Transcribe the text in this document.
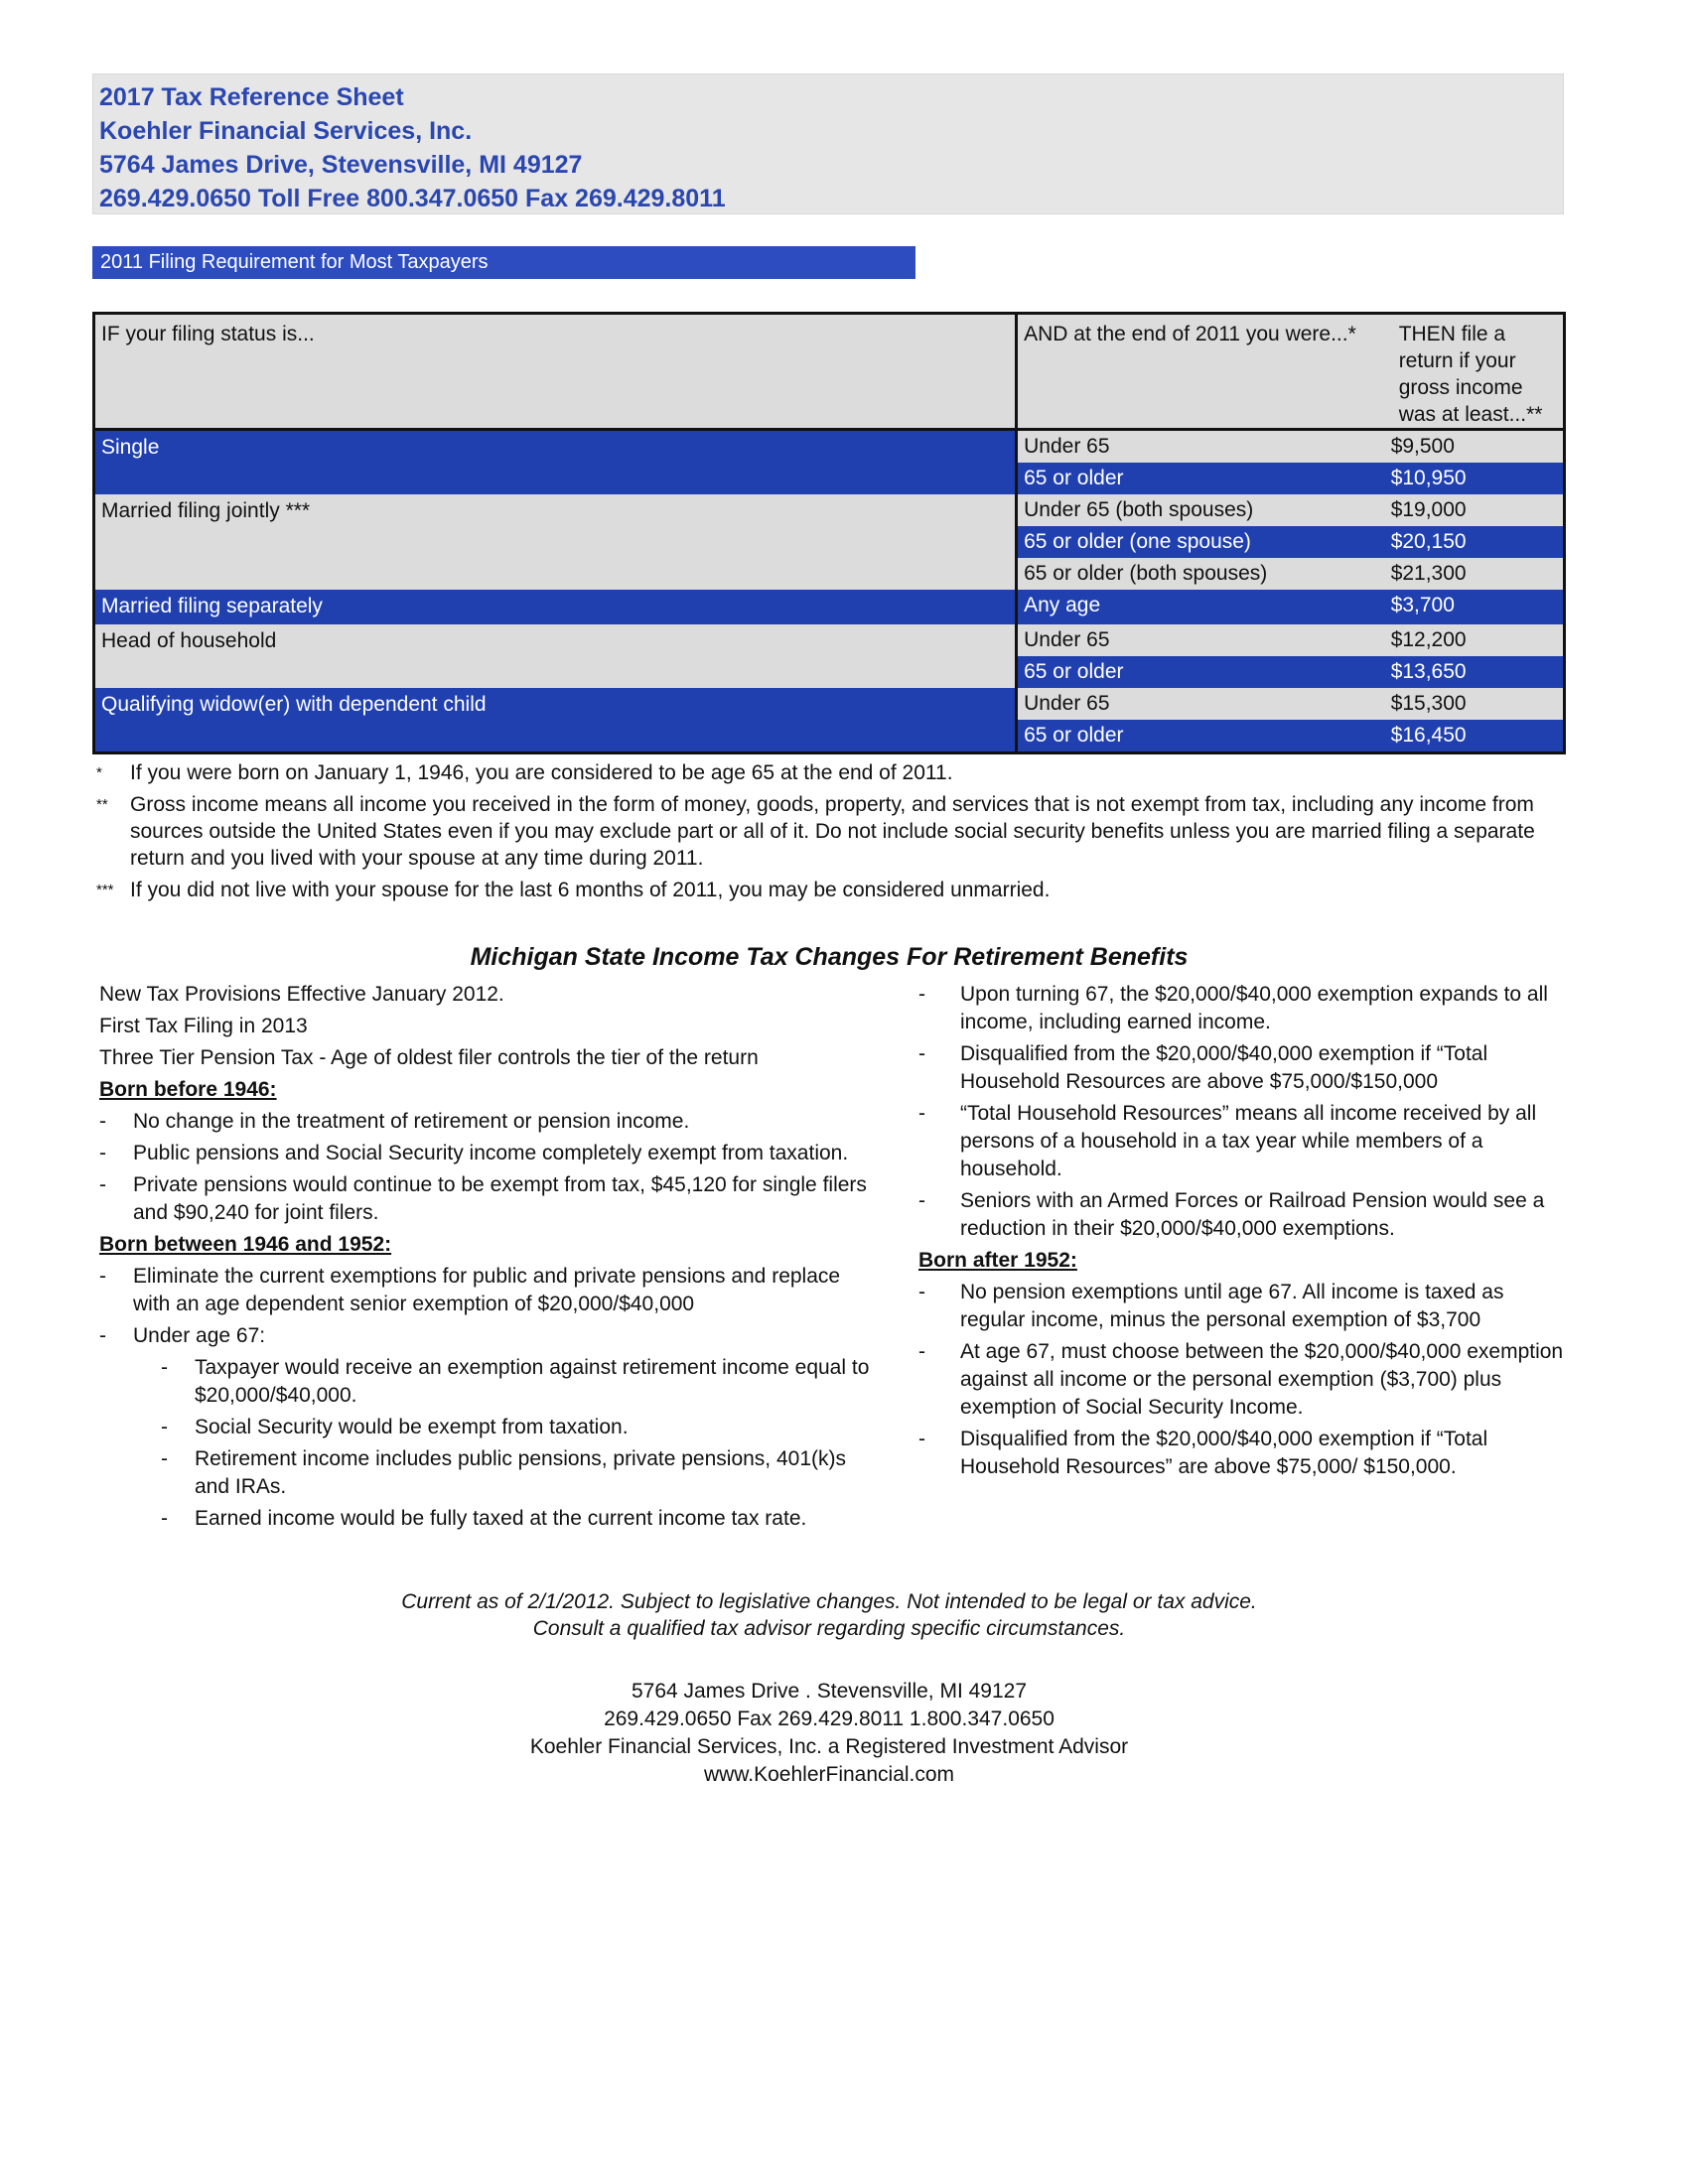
2017 Tax Reference Sheet
Koehler Financial Services, Inc.
5764 James Drive, Stevensville, MI 49127
269.429.0650 Toll Free 800.347.0650 Fax 269.429.8011
2011 Filing Requirement for Most Taxpayers
IF your filing status is...	AND at the end of 2011 you were...*	THEN file a return if your gross income was at least...**
Single	Under 65	$9,500
	65 or older	$10,950
Married filing jointly ***	Under 65 (both spouses)	$19,000
	65 or older (one spouse)	$20,150
	65 or older (both spouses)	$21,300
Married filing separately	Any age	$3,700
Head of household	Under 65	$12,200
	65 or older	$13,650
Qualifying widow(er) with dependent child	Under 65	$15,300
	65 or older	$16,450
* If you were born on January 1, 1946, you are considered to be age 65 at the end of 2011.
** Gross income means all income you received in the form of money, goods, property, and services that is not exempt from tax, including any income from sources outside the United States even if you may exclude part or all of it. Do not include social security benefits unless you are married filing a separate return and you lived with your spouse at any time during 2011.
*** If you did not live with your spouse for the last 6 months of 2011, you may be considered unmarried.
Michigan State Income Tax Changes For Retirement Benefits
New Tax Provisions Effective January 2012.
First Tax Filing in 2013
Three Tier Pension Tax - Age of oldest filer controls the tier of the return
Born before 1946:
- No change in the treatment of retirement or pension income.
- Public pensions and Social Security income completely exempt from taxation.
- Private pensions would continue to be exempt from tax, $45,120 for single filers and $90,240 for joint filers.
Born between 1946 and 1952:
- Eliminate the current exemptions for public and private pensions and replace with an age dependent senior exemption of $20,000/$40,000
- Under age 67:
- Taxpayer would receive an exemption against retirement income equal to $20,000/$40,000.
- Social Security would be exempt from taxation.
- Retirement income includes public pensions, private pensions, 401(k)s and IRAs.
- Earned income would be fully taxed at the current income tax rate.
- Upon turning 67, the $20,000/$40,000 exemption expands to all income, including earned income.
- Disqualified from the $20,000/$40,000 exemption if “Total Household Resources are above $75,000/$150,000
- “Total Household Resources” means all income received by all persons of a household in a tax year while members of a household.
- Seniors with an Armed Forces or Railroad Pension would see a reduction in their $20,000/$40,000 exemptions.
Born after 1952:
- No pension exemptions until age 67. All income is taxed as regular income, minus the personal exemption of $3,700
- At age 67, must choose between the $20,000/$40,000 exemption against all income or the personal exemption ($3,700) plus exemption of Social Security Income.
- Disqualified from the $20,000/$40,000 exemption if “Total Household Resources” are above $75,000/ $150,000.
Current as of 2/1/2012. Subject to legislative changes. Not intended to be legal or tax advice.
Consult a qualified tax advisor regarding specific circumstances.
5764 James Drive . Stevensville, MI 49127
269.429.0650 Fax 269.429.8011 1.800.347.0650
Koehler Financial Services, Inc. a Registered Investment Advisor
www.KoehlerFinancial.com
